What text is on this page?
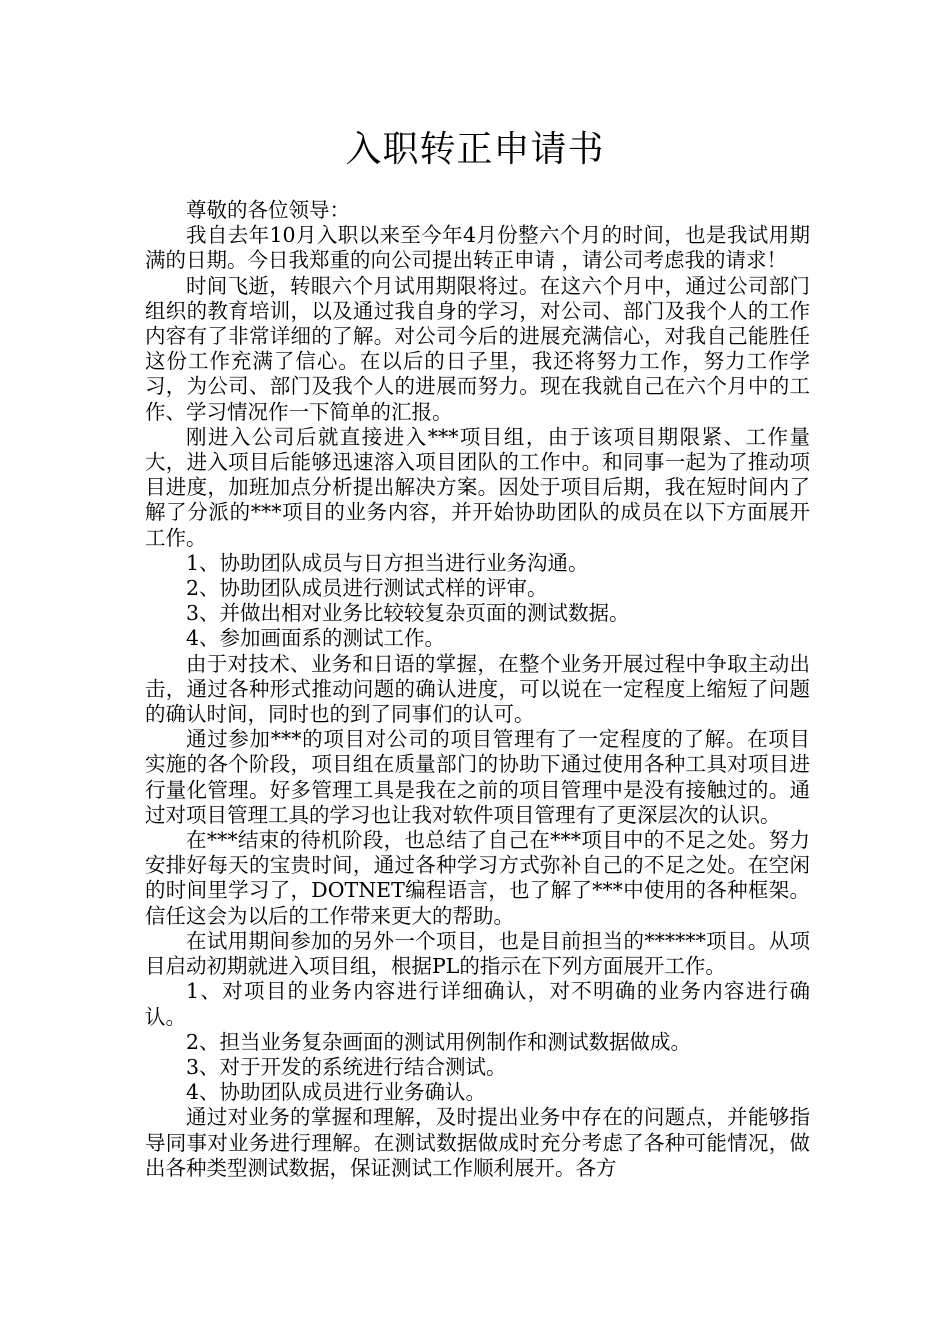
入职转正申请书

尊敬的各位领导：

我自去年10月入职以来至今年4月份整六个月的时间，也是我试用期满的日期。今日我郑重的向公司提出转正申请 ，请公司考虑我的请求！

时间飞逝，转眼六个月试用期限将过。在这六个月中，通过公司部门组织的教育培训，以及通过我自身的学习，对公司、部门及我个人的工作内容有了非常详细的了解。对公司今后的进展充满信心，对我自己能胜任这份工作充满了信心。在以后的日子里，我还将努力工作，努力工作学习，为公司、部门及我个人的进展而努力。现在我就自己在六个月中的工作、学习情况作一下简单的汇报。

刚进入公司后就直接进入***项目组，由于该项目期限紧、工作量大，进入项目后能够迅速溶入项目团队的工作中。和同事一起为了推动项目进度，加班加点分析提出解决方案。因处于项目后期，我在短时间内了解了分派的***项目的业务内容，并开始协助团队的成员在以下方面展开工作。

1、协助团队成员与日方担当进行业务沟通。

2、协助团队成员进行测试式样的评审。

3、并做出相对业务比较较复杂页面的测试数据。

4、参加画面系的测试工作。

由于对技术、业务和日语的掌握，在整个业务开展过程中争取主动出击，通过各种形式推动问题的确认进度，可以说在一定程度上缩短了问题的确认时间，同时也的到了同事们的认可。

通过参加***的项目对公司的项目管理有了一定程度的了解。在项目实施的各个阶段，项目组在质量部门的协助下通过使用各种工具对项目进行量化管理。好多管理工具是我在之前的项目管理中是没有接触过的。通过对项目管理工具的学习也让我对软件项目管理有了更深层次的认识。

在***结束的待机阶段，也总结了自己在***项目中的不足之处。努力安排好每天的宝贵时间，通过各种学习方式弥补自己的不足之处。在空闲的时间里学习了，DOTNET编程语言，也了解了***中使用的各种框架。信任这会为以后的工作带来更大的帮助。

在试用期间参加的另外一个项目，也是目前担当的******项目。从项目启动初期就进入项目组，根据PL的指示在下列方面展开工作。

1、对项目的业务内容进行详细确认，对不明确的业务内容进行确认。

2、担当业务复杂画面的测试用例制作和测试数据做成。

3、对于开发的系统进行结合测试。

4、协助团队成员进行业务确认。

通过对业务的掌握和理解，及时提出业务中存在的问题点，并能够指导同事对业务进行理解。在测试数据做成时充分考虑了各种可能情况，做出各种类型测试数据，保证测试工作顺利展开。各方
